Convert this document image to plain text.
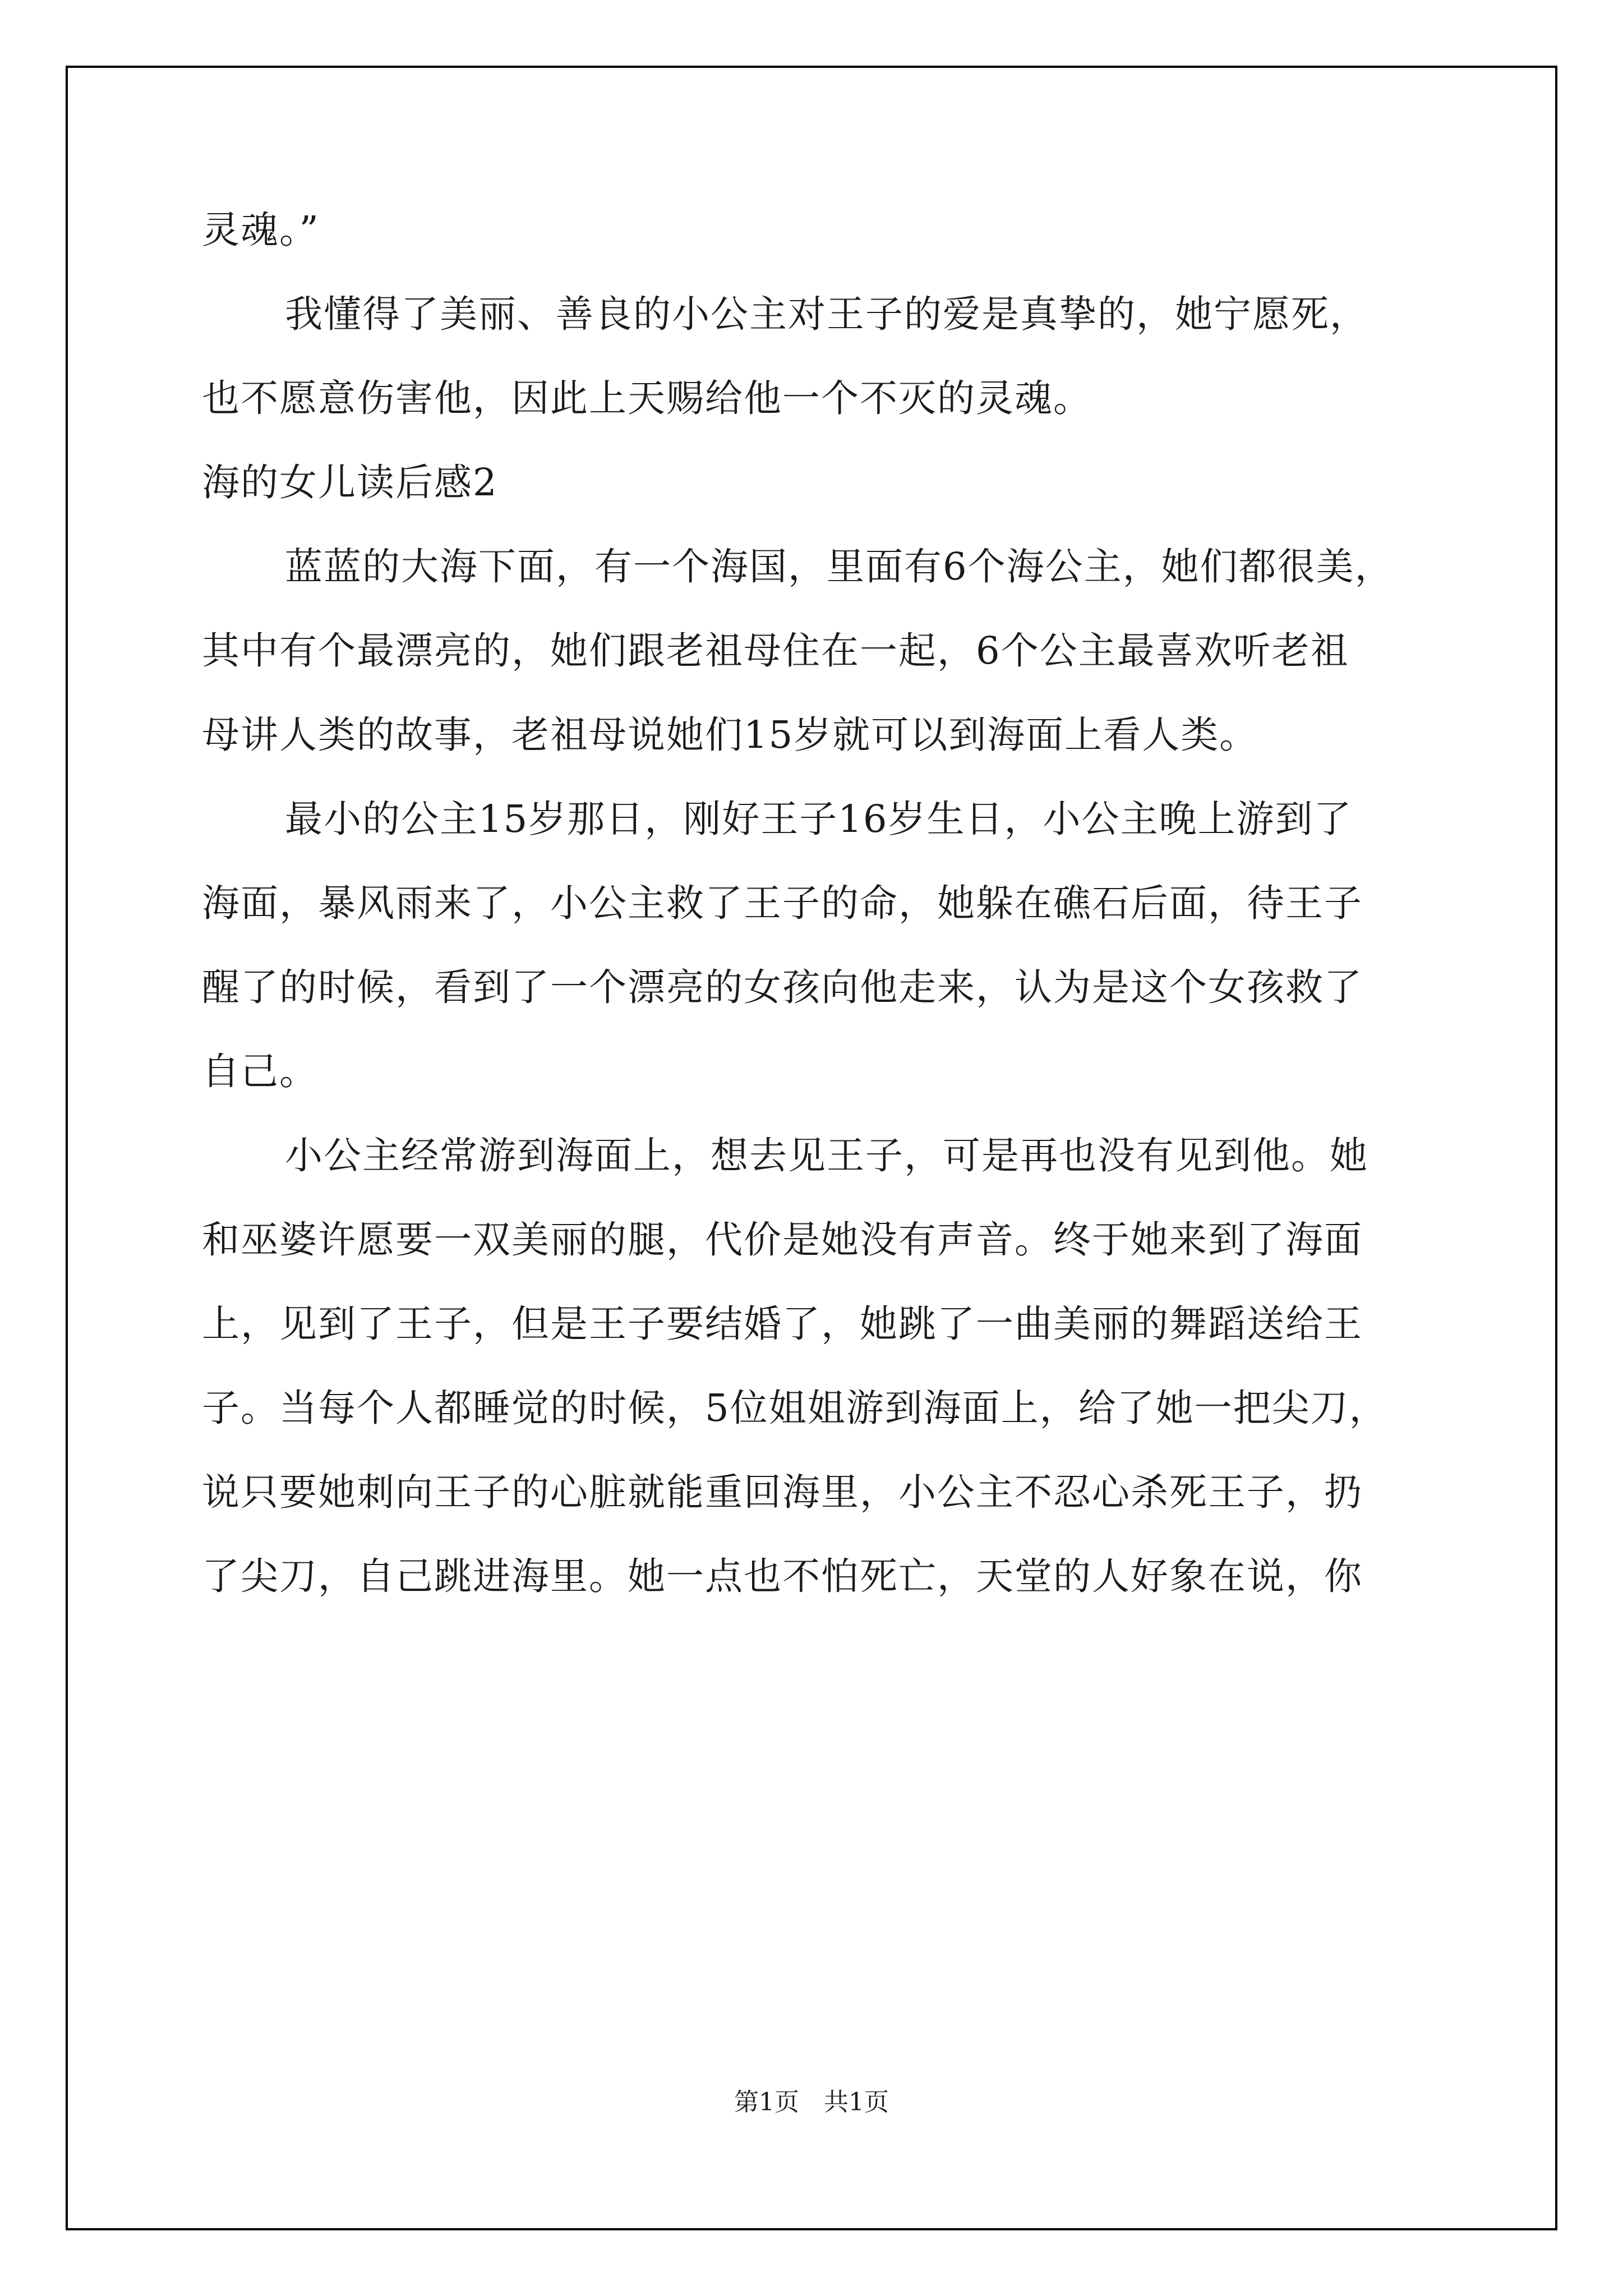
灵魂。”
我懂得了美丽、善良的小公主对王子的爱是真挚的，她宁愿死，
也不愿意伤害他，因此上天赐给他一个不灭的灵魂。
海的女儿读后感2
蓝蓝的大海下面，有一个海国，里面有6个海公主，她们都很美，
其中有个最漂亮的，她们跟老祖母住在一起，6个公主最喜欢听老祖
母讲人类的故事，老祖母说她们15岁就可以到海面上看人类。
最小的公主15岁那日，刚好王子16岁生日，小公主晚上游到了
海面，暴风雨来了，小公主救了王子的命，她躲在礁石后面，待王子
醒了的时候，看到了一个漂亮的女孩向他走来，认为是这个女孩救了
自己。
小公主经常游到海面上，想去见王子，可是再也没有见到他。她
和巫婆许愿要一双美丽的腿，代价是她没有声音。终于她来到了海面
上，见到了王子，但是王子要结婚了，她跳了一曲美丽的舞蹈送给王
子。当每个人都睡觉的时候，5位姐姐游到海面上，给了她一把尖刀，
说只要她刺向王子的心脏就能重回海里，小公主不忍心杀死王子，扔
了尖刀，自己跳进海里。她一点也不怕死亡，天堂的人好象在说，你
第1页　共1页
